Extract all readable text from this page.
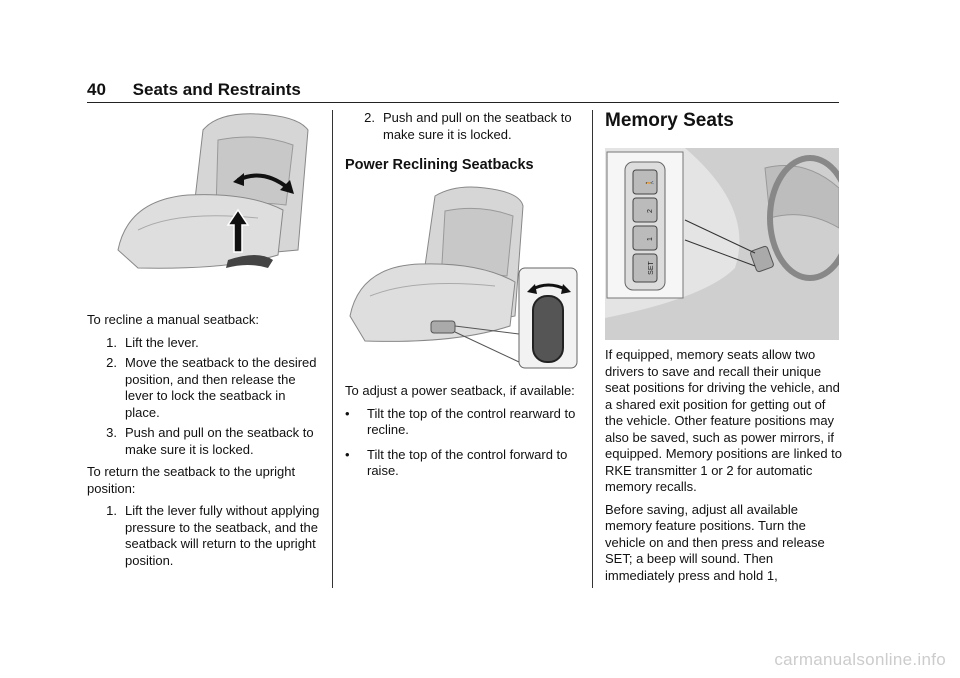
40 Seats and Restraints

To recline a manual seatback:

1. Lift the lever.
2. Move the seatback to the desired position, and then release the lever to lock the seatback in place.
3. Push and pull on the seatback to make sure it is locked.

To return the seatback to the upright position:

1. Lift the lever fully without applying pressure to the seatback, and the seatback will return to the upright position.
2. Push and pull on the seatback to make sure it is locked.
Power Reclining Seatbacks

To adjust a power seatback, if available:

•	Tilt the top of the control rearward to recline.
•	Tilt the top of the control forward to raise.
Memory Seats
🚶
2
1
SET

If equipped, memory seats allow two drivers to save and recall their unique seat positions for driving the vehicle, and a shared exit position for getting out of the vehicle. Other feature positions may also be saved, such as power mirrors, if equipped. Memory positions are linked to RKE transmitter 1 or 2 for automatic memory recalls.

Before saving, adjust all available memory feature positions. Turn the vehicle on and then press and release SET; a beep will sound. Then immediately press and hold 1,

carmanualsonline.info
